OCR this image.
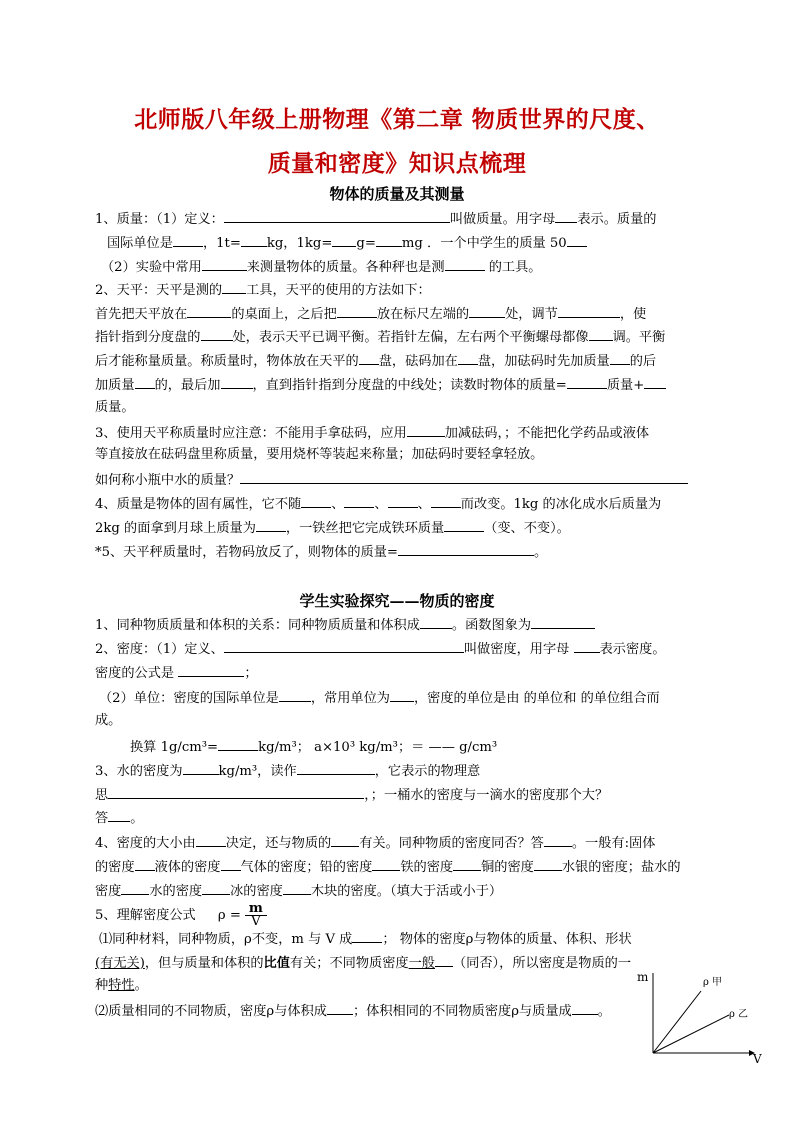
北师版八年级上册物理《第二章 物质世界的尺度、
质量和密度》知识点梳理
物体的质量及其测量
1、质量：（1）定义：	叫做质量。用字母 表示。质量的
国际单位是 ，1t= kg，1kg= g= mg ．一个中学生的质量 50
（2）实验中常用	来测量物体的质量。各种秤也是测	的工具。
2、天平：天平是测的 工具，天平的使用的方法如下：
首先把天平放在	的桌面上，之后把	放在标尺左端的	处，调节	，使
指针指到分度盘的 处，表示天平已调平衡。若指针左偏，左右两个平衡螺母都像 调。平衡
后才能称量质量。称质量时，物体放在天平的 盘，砝码加在 盘，加砝码时先加质量 的后
加质量 的，最后加 ，直到指针指到分度盘的中线处；读数时物体的质量=	质量+
质量。
3、使用天平称质量时应注意：不能用手拿砝码，应用	加减砝码，；不能把化学药品或液体
等直接放在砝码盘里称质量，要用烧杯等装起来称量；加砝码时要轻拿轻放。
如何称小瓶中水的质量？
4、质量是物体的固有属性，它不随 、 、 、 而改变。1kg 的冰化成水后质量为
2kg 的面拿到月球上质量为 ，一铁丝把它完成铁环质量	（变、不变）。
*5、天平秤质量时，若物码放反了，则物体的质量=	。
学生实验探究——物质的密度
1、同种物质质量和体积的关系：同种物质质量和体积成 。函数图象为
2、密度：（1）定义、	叫做密度，用字母 表示密度。
密度的公式是	；
（2）单位：密度的国际单位是 ，常用单位为 ，密度的单位是由 的单位和 的单位组合而
成。
换算 1g/cm³=	kg/m³； a×10³ kg/m³；＝ —— g/cm³
3、水的密度为	kg/m³，读作	，它表示的物理意
思	，；一桶水的密度与一滴水的密度那个大？
答 。
4、密度的大小由 决定，还与物质的 有关。同种物质的密度同否？答 。一般有:固体
的密度 液体的密度 气体的密度；铅的密度 铁的密度 铜的密度 水银的密度；盐水的
密度 水的密度 冰的密度 木块的密度。（填大于活或小于）
5、理解密度公式 $\rho = \frac{m}{V}$
⑴同种材料，同种物质，ρ不变，m 与 V 成 ； 物体的密度ρ与物体的质量、体积、形状
(有无关)，但与质量和体积的比值有关；不同物质密度一般 （同否），所以密度是物质的一
种特性。
⑵质量相同的不同物质，密度ρ与体积成 ；体积相同的不同物质密度ρ与质量成 。
m
V
ρ 甲
ρ 乙
